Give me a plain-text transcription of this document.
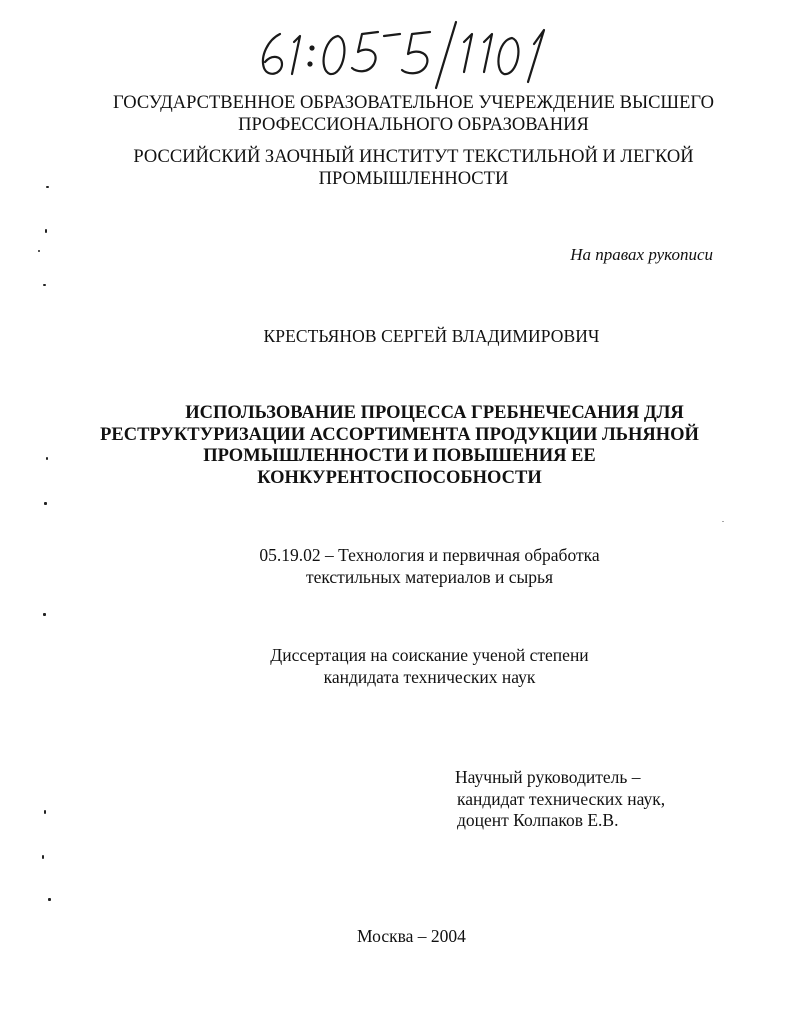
ГОСУДАРСТВЕННОЕ ОБРАЗОВАТЕЛЬНОЕ УЧЕРЕЖДЕНИЕ ВЫСШЕГО
ПРОФЕССИОНАЛЬНОГО ОБРАЗОВАНИЯ
РОССИЙСКИЙ ЗАОЧНЫЙ ИНСТИТУТ ТЕКСТИЛЬНОЙ И ЛЕГКОЙ
ПРОМЫШЛЕННОСТИ
На правах рукописи
КРЕСТЬЯНОВ СЕРГЕЙ ВЛАДИМИРОВИЧ
ИСПОЛЬЗОВАНИЕ ПРОЦЕССА ГРЕБНЕЧЕСАНИЯ ДЛЯ
РЕСТРУКТУРИЗАЦИИ АССОРТИМЕНТА ПРОДУКЦИИ ЛЬНЯНОЙ
ПРОМЫШЛЕННОСТИ И ПОВЫШЕНИЯ ЕЕ
КОНКУРЕНТОСПОСОБНОСТИ
05.19.02 – Технология и первичная обработка
текстильных материалов и сырья
Диссертация на соискание ученой степени
кандидата технических наук
Научный руководитель –
кандидат технических наук,
доцент Колпаков Е.В.
Москва – 2004
